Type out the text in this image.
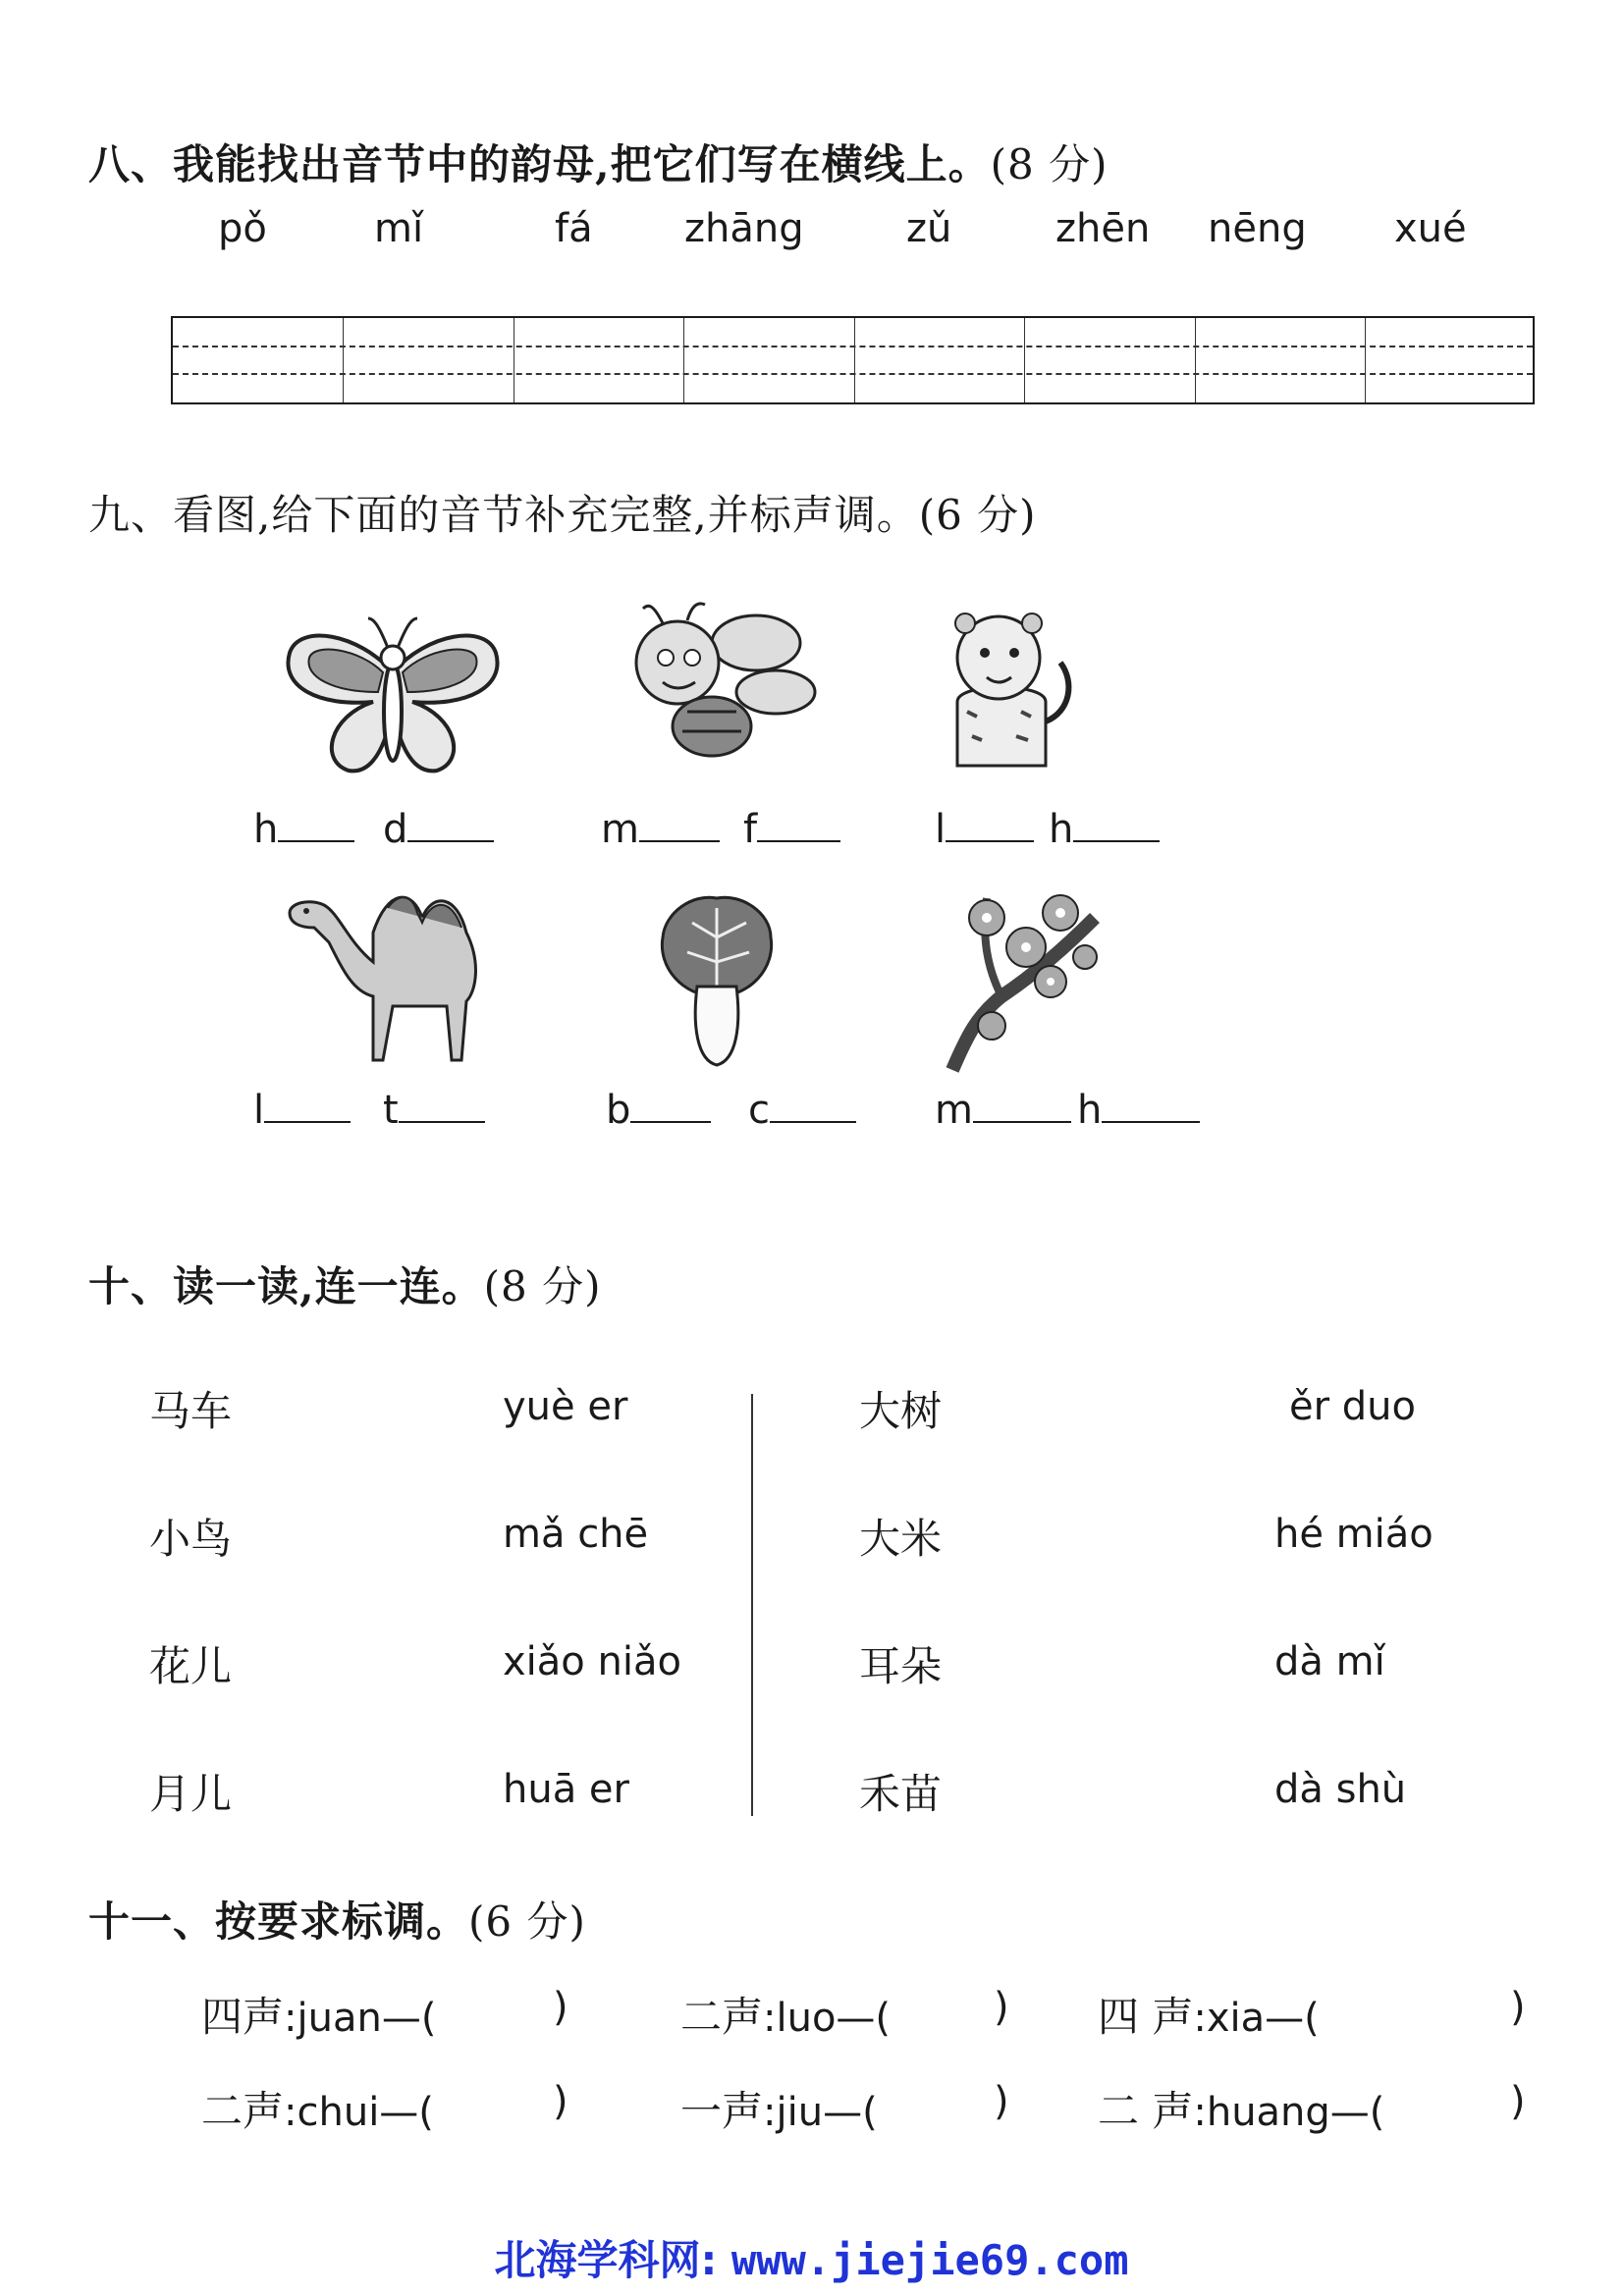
八、我能找出音节中的韵母,把它们写在横线上。(8 分)
pǒ	mǐ	fá zhāng	zǔ	zhēn nēng xué
九、看图,给下面的音节补充完整,并标声调。(6 分)
h	d	m	f	l	h
l	t	b	c	m	h
十、读一读,连一连。(8 分)
马车
小鸟
花儿
月儿
yuè er
mǎ chē
xiǎo niǎo
huā er
大树
大米
耳朵
禾苗
ěr duo
hé miáo
dà mǐ
dà shù
十一、按要求标调。(6 分)
四声:juan—(	)	二声:luo—(	) 四 声:xia—(	)
二声:chui—(	)	一声:jiu—(	) 二 声:huang—(	)
北海学科网: www.jiejie69.com
